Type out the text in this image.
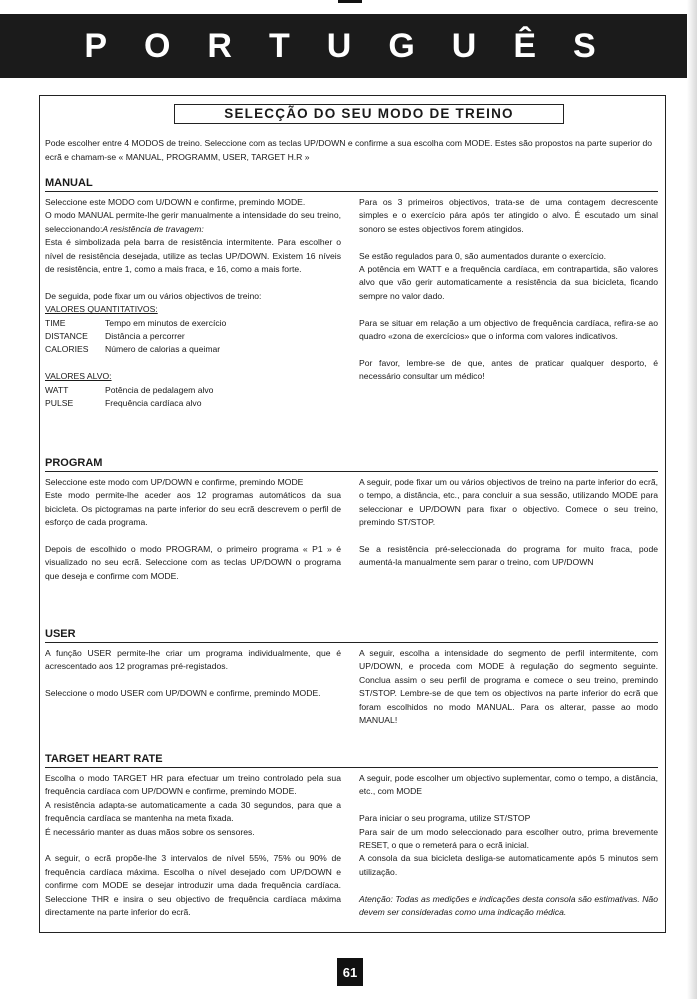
PORTUGUÊS
SELECÇÃO DO SEU MODO DE TREINO

Pode escolher entre 4 MODOS de treino. Seleccione com as teclas UP/DOWN e confirme a sua escolha com MODE. Estes são propostos na parte superior do ecrã e chamam-se « MANUAL, PROGRAMM, USER, TARGET H.R »

MANUAL

Seleccione este MODO com U/DOWN e confirme, premindo MODE.

O modo MANUAL permite-lhe gerir manualmente a intensidade do seu treino, seleccionando:A resistência de travagem:

Esta é simbolizada pela barra de resistência intermitente. Para escolher o nível de resistência desejada, utilize as teclas UP/DOWN. Existem 16 níveis de resistência, entre 1, como a mais fraca, e 16, como a mais forte.

De seguida, pode fixar um ou vários objectivos de treino:

VALORES QUANTITATIVOS:

TIME	Tempo em minutos de exercício
DISTANCE	Distância a percorrer
CALORIES	Número de calorias a queimar

VALORES ALVO:

WATT	Potência de pedalagem alvo
PULSE	Frequência cardíaca alvo

Para os 3 primeiros objectivos, trata-se de uma contagem decrescente simples e o exercício pára após ter atingido o alvo. É escutado um sinal sonoro se estes objectivos forem atingidos.

Se estão regulados para 0, são aumentados durante o exercício.

A potência em WATT e a frequência cardíaca, em contrapartida, são valores alvo que vão gerir automaticamente a resistência da sua bicicleta, ficando sempre no valor dado.

Para se situar em relação a um objectivo de frequência cardíaca, refira-se ao quadro «zona de exercícios» que o informa com valores indicativos.

Por favor, lembre-se de que, antes de praticar qualquer desporto, é necessário consultar um médico!

PROGRAM

Seleccione este modo com UP/DOWN e confirme, premindo MODE

Este modo permite-lhe aceder aos 12 programas automáticos da sua bicicleta. Os pictogramas na parte inferior do seu ecrã descrevem o perfil de esforço de cada programa.

Depois de escolhido o modo PROGRAM, o primeiro programa « P1 » é visualizado no seu ecrã. Seleccione com as teclas UP/DOWN o programa que deseja e confirme com MODE.

A seguir, pode fixar um ou vários objectivos de treino na parte inferior do ecrã, o tempo, a distância, etc., para concluir a sua sessão, utilizando MODE para seleccionar e UP/DOWN para fixar o objectivo. Comece o seu treino, premindo ST/STOP.

Se a resistência pré-seleccionada do programa for muito fraca, pode aumentá-la manualmente sem parar o treino, com UP/DOWN

USER

A função USER permite-lhe criar um programa individualmente, que é acrescentado aos 12 programas pré-registados.

Seleccione o modo USER com UP/DOWN e confirme, premindo MODE.

A seguir, escolha a intensidade do segmento de perfil intermitente, com UP/DOWN, e proceda com MODE à regulação do segmento seguinte. Conclua assim o seu perfil de programa e comece o seu treino, premindo ST/STOP. Lembre-se de que tem os objectivos na parte inferior do ecrã que foram escolhidos no modo MANUAL. Para os alterar, passe ao modo MANUAL!

TARGET HEART RATE

Escolha o modo TARGET HR para efectuar um treino controlado pela sua frequência cardíaca com UP/DOWN e confirme, premindo MODE.

A resistência adapta-se automaticamente a cada 30 segundos, para que a frequência cardíaca se mantenha na meta fixada.

É necessário manter as duas mãos sobre os sensores.

A seguir, o ecrã propõe-lhe 3 intervalos de nível 55%, 75% ou 90% de frequência cardíaca máxima. Escolha o nível desejado com UP/DOWN e confirme com MODE se desejar introduzir uma dada frequência cardíaca. Seleccione THR e insira o seu objectivo de frequência cardíaca máxima directamente na parte inferior do ecrã.

A seguir, pode escolher um objectivo suplementar, como o tempo, a distância, etc., com MODE

Para iniciar o seu programa, utilize ST/STOP

Para sair de um modo seleccionado para escolher outro, prima brevemente RESET, o que o remeterá para o ecrã inicial.

A consola da sua bicicleta desliga-se automaticamente após 5 minutos sem utilização.

Atenção: Todas as medições e indicações desta consola são estimativas. Não devem ser consideradas como uma indicação médica.

61
